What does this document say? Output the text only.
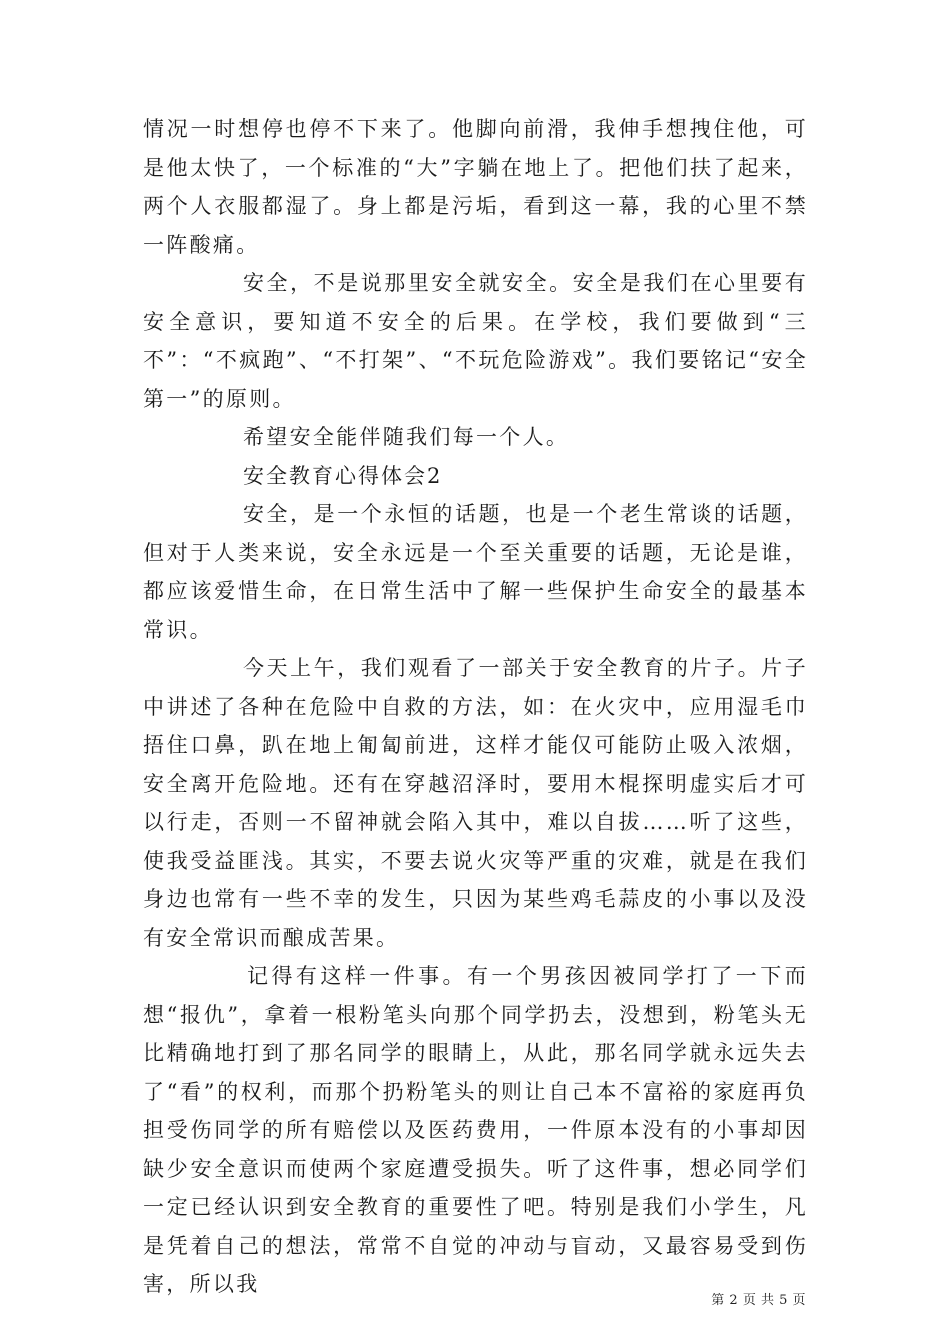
情况一时想停也停不下来了。他脚向前滑，我伸手想拽住他，可是他太快了，一个标准的“大”字躺在地上了。把他们扶了起来，两个人衣服都湿了。身上都是污垢，看到这一幕，我的心里不禁一阵酸痛。

安全，不是说那里安全就安全。安全是我们在心里要有安全意识，要知道不安全的后果。在学校，我们要做到“三不”：“不疯跑”、“不打架”、“不玩危险游戏”。我们要铭记“安全第一”的原则。

希望安全能伴随我们每一个人。

安全教育心得体会2

安全，是一个永恒的话题，也是一个老生常谈的话题，但对于人类来说，安全永远是一个至关重要的话题，无论是谁，都应该爱惜生命，在日常生活中了解一些保护生命安全的最基本常识。

今天上午，我们观看了一部关于安全教育的片子。片子中讲述了各种在危险中自救的方法，如：在火灾中，应用湿毛巾捂住口鼻，趴在地上匍匐前进，这样才能仅可能防止吸入浓烟，安全离开危险地。还有在穿越沼泽时，要用木棍探明虚实后才可以行走，否则一不留神就会陷入其中，难以自拔……听了这些，使我受益匪浅。其实，不要去说火灾等严重的灾难，就是在我们身边也常有一些不幸的发生，只因为某些鸡毛蒜皮的小事以及没有安全常识而酿成苦果。

记得有这样一件事。有一个男孩因被同学打了一下而想“报仇”，拿着一根粉笔头向那个同学扔去，没想到，粉笔头无比精确地打到了那名同学的眼睛上，从此，那名同学就永远失去了“看”的权利，而那个扔粉笔头的则让自己本不富裕的家庭再负担受伤同学的所有赔偿以及医药费用，一件原本没有的小事却因缺少安全意识而使两个家庭遭受损失。听了这件事，想必同学们一定已经认识到安全教育的重要性了吧。特别是我们小学生，凡是凭着自己的想法，常常不自觉的冲动与盲动，又最容易受到伤害，所以我

第 2 页 共 5 页
